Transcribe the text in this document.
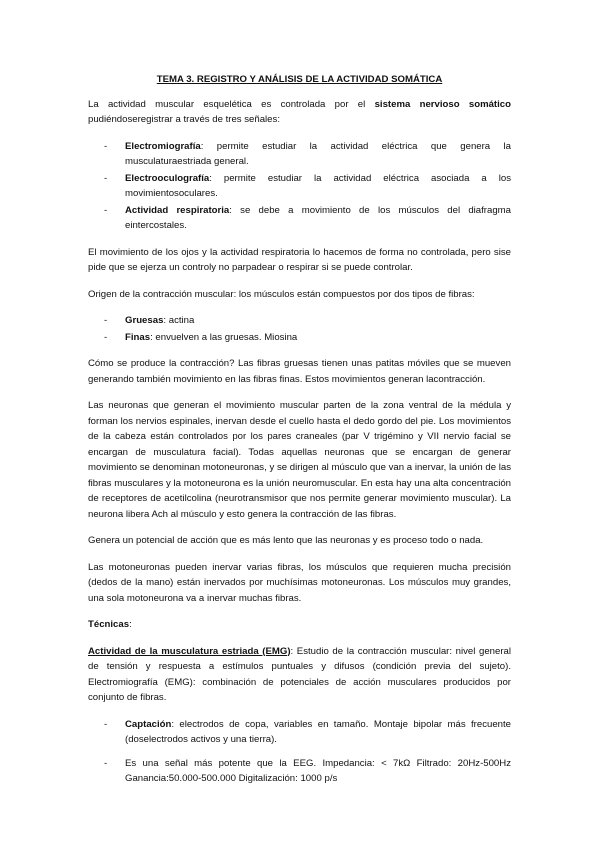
TEMA 3. REGISTRO Y ANÁLISIS DE LA ACTIVIDAD SOMÁTICA

La actividad muscular esquelética es controlada por el sistema nervioso somático pudiéndoseregistrar a través de tres señales:

- Electromiografía: permite estudiar la actividad eléctrica que genera la musculaturaestriada general.
- Electrooculografía: permite estudiar la actividad eléctrica asociada a los movimientosoculares.
- Actividad respiratoria: se debe a movimiento de los músculos del diafragma eintercostales.

El movimiento de los ojos y la actividad respiratoria lo hacemos de forma no controlada, pero sise pide que se ejerza un controly no parpadear o respirar si se puede controlar.

Origen de la contracción muscular: los músculos están compuestos por dos tipos de fibras:

- Gruesas: actina
- Finas: envuelven a las gruesas. Miosina

Cómo se produce la contracción? Las fibras gruesas tienen unas patitas móviles que se mueven generando también movimiento en las fibras finas. Estos movimientos generan lacontracción.

Las neuronas que generan el movimiento muscular parten de la zona ventral de la médula y forman los nervios espinales, inervan desde el cuello hasta el dedo gordo del pie. Los movimientos de la cabeza están controlados por los pares craneales (par V trigémino y VII nervio facial se encargan de musculatura facial). Todas aquellas neuronas que se encargan de generar movimiento se denominan motoneuronas, y se dirigen al músculo que van a inervar, la unión de las fibras musculares y la motoneurona es la unión neuromuscular. En esta hay una alta concentración de receptores de acetilcolina (neurotransmisor que nos permite generar movimiento muscular). La neurona libera Ach al músculo y esto genera la contracción de las fibras.

Genera un potencial de acción que es más lento que las neuronas y es proceso todo o nada.

Las motoneuronas pueden inervar varias fibras, los músculos que requieren mucha precisión (dedos de la mano) están inervados por muchísimas motoneuronas. Los músculos muy grandes, una sola motoneurona va a inervar muchas fibras.

Técnicas:

Actividad de la musculatura estriada (EMG): Estudio de la contracción muscular: nivel general de tensión y respuesta a estímulos puntuales y difusos (condición previa del sujeto). Electromiografía (EMG): combinación de potenciales de acción musculares producidos por conjunto de fibras.

- Captación: electrodos de copa, variables en tamaño. Montaje bipolar más frecuente (doselectrodos activos y una tierra).
- Es una señal más potente que la EEG. Impedancia: < 7kΩ Filtrado: 20Hz-500Hz Ganancia:50.000-500.000 Digitalización: 1000 p/s
